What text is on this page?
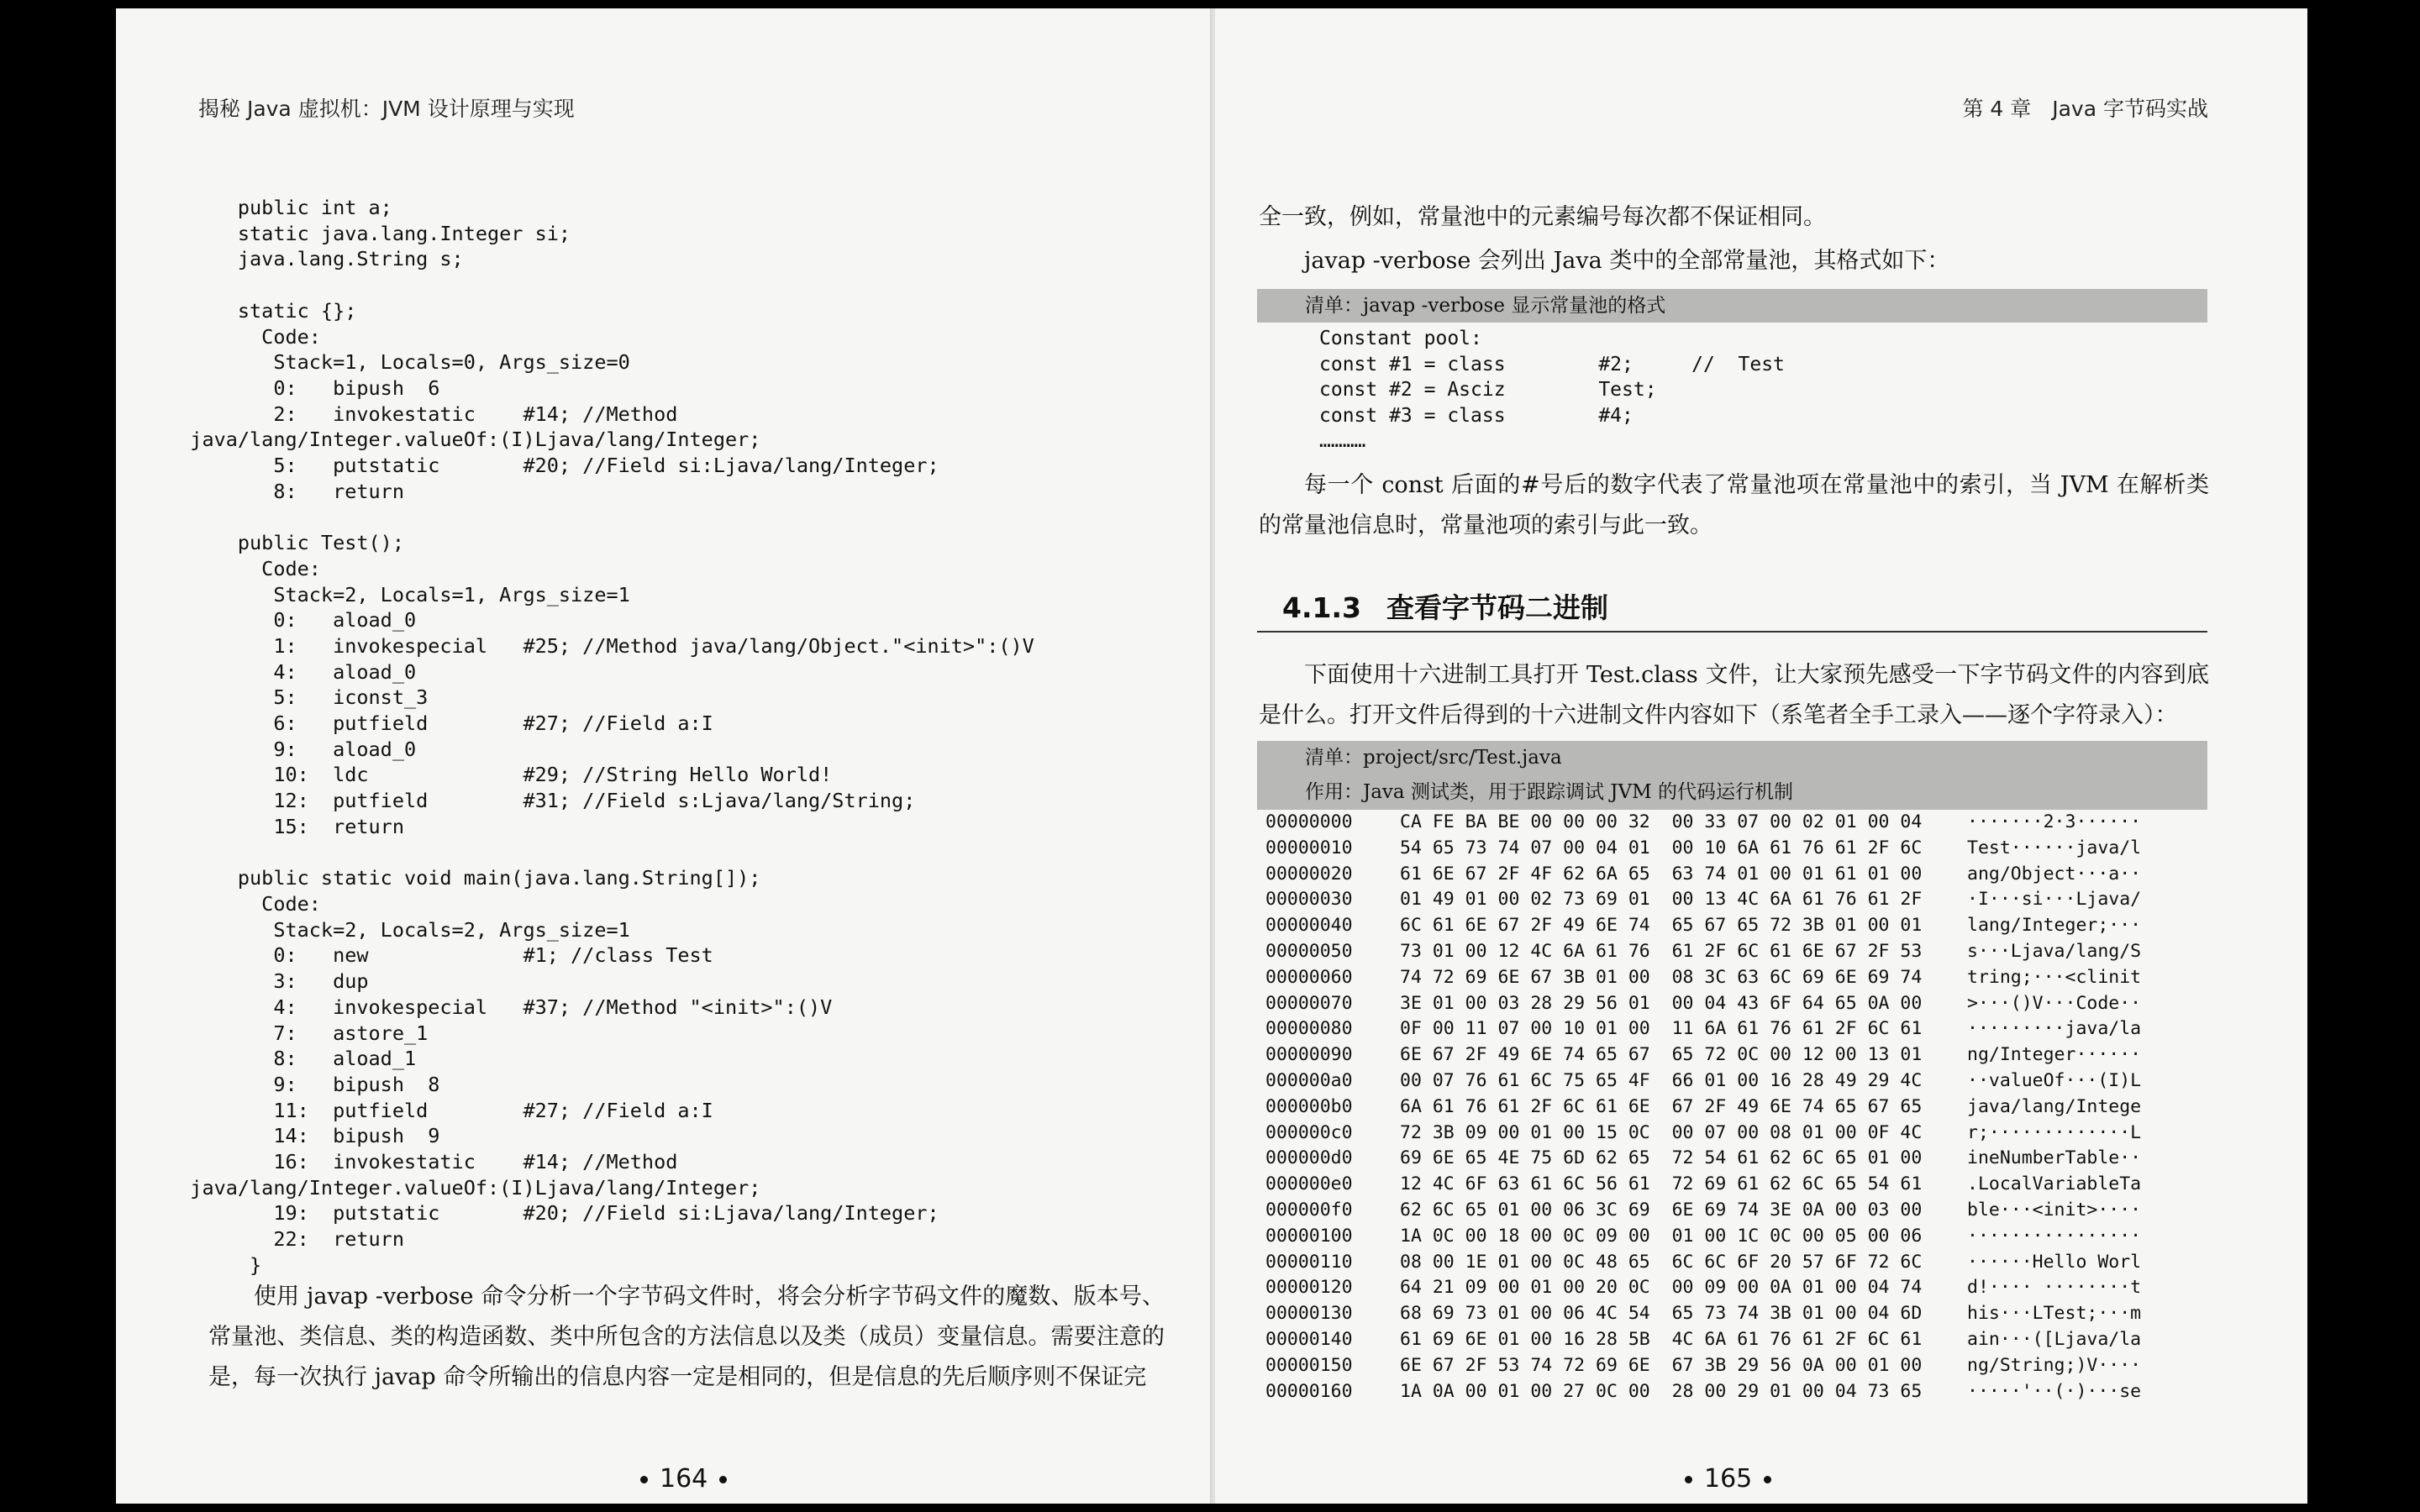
揭秘 Java 虚拟机：JVM 设计原理与实现
public int a;
static java.lang.Integer si;
java.lang.String s;

static {};
Code:
Stack=1, Locals=0, Args_size=0
0:   bipush  6
2:   invokestatic    #14; //Method
java/lang/Integer.valueOf:(I)Ljava/lang/Integer;
5:   putstatic       #20; //Field si:Ljava/lang/Integer;
8:   return

public Test();
Code:
Stack=2, Locals=1, Args_size=1
0:   aload_0
1:   invokespecial   #25; //Method java/lang/Object."<init>":()V
4:   aload_0
5:   iconst_3
6:   putfield        #27; //Field a:I
9:   aload_0
10:  ldc             #29; //String Hello World!
12:  putfield        #31; //Field s:Ljava/lang/String;
15:  return

public static void main(java.lang.String[]);
Code:
Stack=2, Locals=2, Args_size=1
0:   new             #1; //class Test
3:   dup
4:   invokespecial   #37; //Method "<init>":()V
7:   astore_1
8:   aload_1
9:   bipush  8
11:  putfield        #27; //Field a:I
14:  bipush  9
16:  invokestatic    #14; //Method
java/lang/Integer.valueOf:(I)Ljava/lang/Integer;
19:  putstatic       #20; //Field si:Ljava/lang/Integer;
22:  return
}

使用 javap -verbose 命令分析一个字节码文件时，将会分析字节码文件的魔数、版本号、常量池、类信息、类的构造函数、类中所包含的方法信息以及类（成员）变量信息。需要注意的是，每一次执行 javap 命令所输出的信息内容一定是相同的，但是信息的先后顺序则不保证完

164
第 4 章　Java 字节码实战

全一致，例如，常量池中的元素编号每次都不保证相同。

javap -verbose 会列出 Java 类中的全部常量池，其格式如下：

清单：javap -verbose 显示常量池的格式
Constant pool:
const #1 = class        #2;     //  Test
const #2 = Asciz        Test;
const #3 = class        #4;
…………

每一个 const 后面的#号后的数字代表了常量池项在常量池中的索引，当 JVM 在解析类的常量池信息时，常量池项的索引与此一致。

4.1.3 查看字节码二进制

下面使用十六进制工具打开 Test.class 文件，让大家预先感受一下字节码文件的内容到底是什么。打开文件后得到的十六进制文件内容如下（系笔者全手工录入——逐个字符录入）：

清单：project/src/Test.java
作用：Java 测试类，用于跟踪调试 JVM 的代码运行机制
00000000	CA FE BA BE 00 00 00 32  00 33 07 00 02 01 00 04	·······2·3······
00000010	54 65 73 74 07 00 04 01  00 10 6A 61 76 61 2F 6C	Test······java/l
00000020	61 6E 67 2F 4F 62 6A 65  63 74 01 00 01 61 01 00	ang/Object···a··
00000030	01 49 01 00 02 73 69 01  00 13 4C 6A 61 76 61 2F	·I···si···Ljava/
00000040	6C 61 6E 67 2F 49 6E 74  65 67 65 72 3B 01 00 01	lang/Integer;···
00000050	73 01 00 12 4C 6A 61 76  61 2F 6C 61 6E 67 2F 53	s···Ljava/lang/S
00000060	74 72 69 6E 67 3B 01 00  08 3C 63 6C 69 6E 69 74	tring;···<clinit
00000070	3E 01 00 03 28 29 56 01  00 04 43 6F 64 65 0A 00	>···()V···Code··
00000080	0F 00 11 07 00 10 01 00  11 6A 61 76 61 2F 6C 61	·········java/la
00000090	6E 67 2F 49 6E 74 65 67  65 72 0C 00 12 00 13 01	ng/Integer······
000000a0	00 07 76 61 6C 75 65 4F  66 01 00 16 28 49 29 4C	··valueOf···(I)L
000000b0	6A 61 76 61 2F 6C 61 6E  67 2F 49 6E 74 65 67 65	java/lang/Intege
000000c0	72 3B 09 00 01 00 15 0C  00 07 00 08 01 00 0F 4C	r;·············L
000000d0	69 6E 65 4E 75 6D 62 65  72 54 61 62 6C 65 01 00	ineNumberTable··
000000e0	12 4C 6F 63 61 6C 56 61  72 69 61 62 6C 65 54 61	.LocalVariableTa
000000f0	62 6C 65 01 00 06 3C 69  6E 69 74 3E 0A 00 03 00	ble···<init>····
00000100	1A 0C 00 18 00 0C 09 00  01 00 1C 0C 00 05 00 06	················
00000110	08 00 1E 01 00 0C 48 65  6C 6C 6F 20 57 6F 72 6C	······Hello Worl
00000120	64 21 09 00 01 00 20 0C  00 09 00 0A 01 00 04 74	d!···· ········t
00000130	68 69 73 01 00 06 4C 54  65 73 74 3B 01 00 04 6D	his···LTest;···m
00000140	61 69 6E 01 00 16 28 5B  4C 6A 61 76 61 2F 6C 61	ain···([Ljava/la
00000150	6E 67 2F 53 74 72 69 6E  67 3B 29 56 0A 00 01 00	ng/String;)V····
00000160	1A 0A 00 01 00 27 0C 00  28 00 29 01 00 04 73 65	·····'··(·)···se
165
